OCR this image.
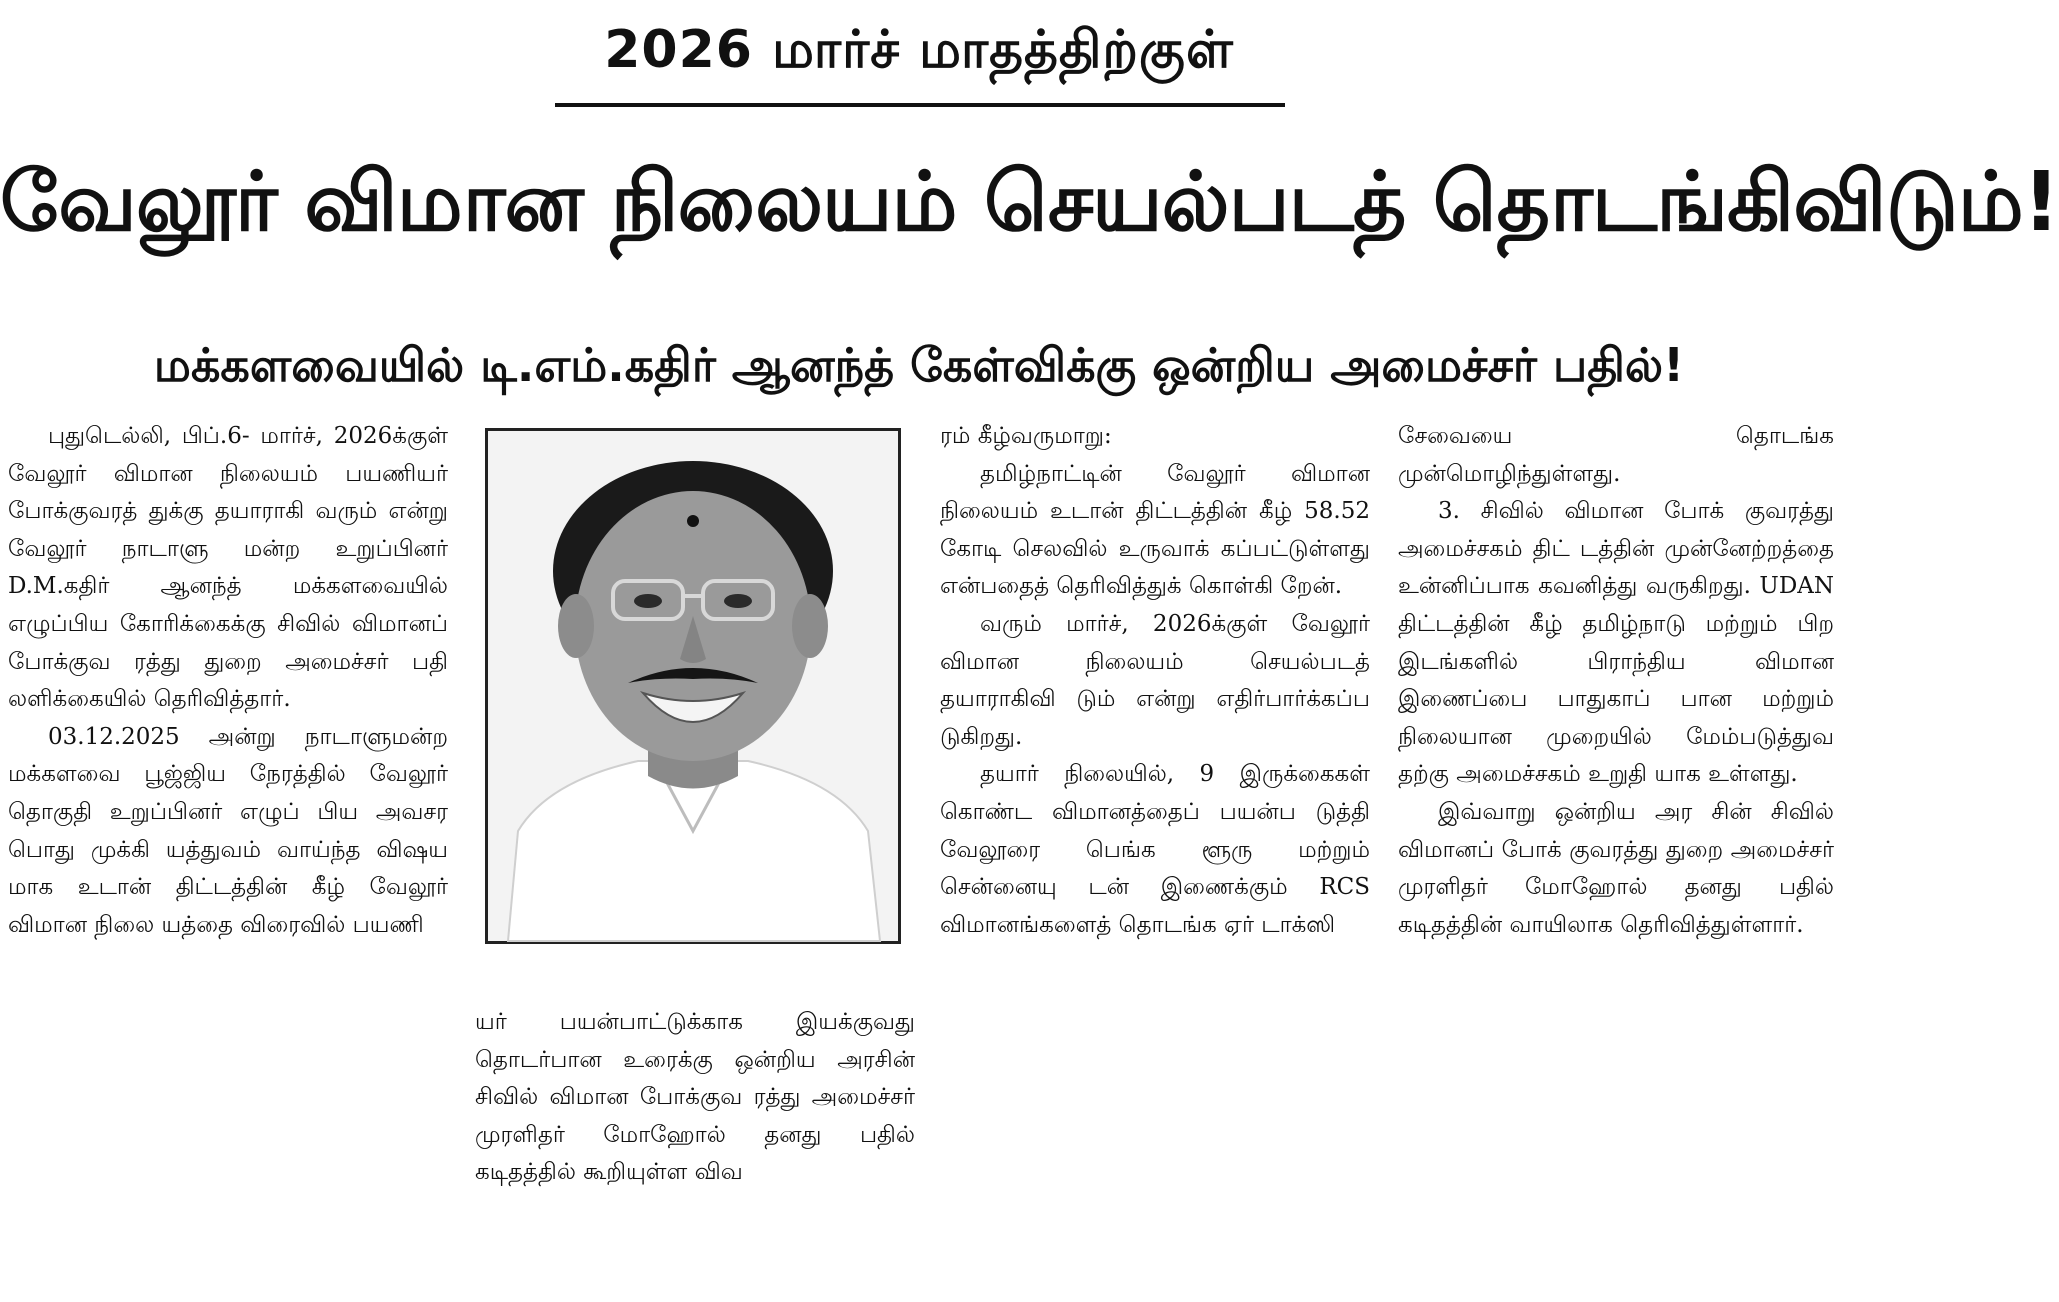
2026 மார்ச் மாதத்திற்குள்
வேலூர் விமான நிலையம் செயல்படத் தொடங்கிவிடும்!
மக்களவையில் டி.எம்.கதிர் ஆனந்த் கேள்விக்கு ஒன்றிய அமைச்சர் பதில்!

புதுடெல்லி, பிப்.6- மார்ச், 2026க்குள் வேலூர் விமான நிலையம் பயணியர் போக்குவரத் துக்கு தயாராகி வரும் என்று வேலூர் நாடாளு மன்ற உறுப்பினர் D.M.கதிர் ஆனந்த் மக்களவையில் எழுப்பிய கோரிக்கைக்கு சிவில் விமானப் போக்குவ ரத்து துறை அமைச்சர் பதி லளிக்கையில் தெரிவித்தார்.

03.12.2025 அன்று நாடாளுமன்ற மக்களவை பூஜ்ஜிய நேரத்தில் வேலூர் தொகுதி உறுப்பினர் எழுப் பிய அவசர பொது முக்கி யத்துவம் வாய்ந்த விஷய மாக உடான் திட்டத்தின் கீழ் வேலூர் விமான நிலை யத்தை விரைவில் பயணி

யர் பயன்பாட்டுக்காக இயக்குவது தொடர்பான உரைக்கு ஒன்றிய அரசின் சிவில் விமான போக்குவ ரத்து அமைச்சர் முரளிதர் மோஹோல் தனது பதில் கடிதத்தில் கூறியுள்ள விவ

ரம் கீழ்வருமாறு:

தமிழ்நாட்டின் வேலூர் விமான நிலையம் உடான் திட்டத்தின் கீழ் 58.52 கோடி செலவில் உருவாக் கப்பட்டுள்ளது என்பதைத் தெரிவித்துக் கொள்கி றேன்.

வரும் மார்ச், 2026க்குள் வேலூர் விமான நிலையம் செயல்படத் தயாராகிவி டும் என்று எதிர்பார்க்கப்ப டுகிறது.

தயார் நிலையில், 9 இருக்கைகள் கொண்ட விமானத்தைப் பயன்ப டுத்தி வேலூரை பெங்க ளூரு மற்றும் சென்னையு டன் இணைக்கும் RCS விமானங்களைத் தொடங்க ஏர் டாக்ஸி

சேவையை தொடங்க முன்மொழிந்துள்ளது.

3. சிவில் விமான போக் குவரத்து அமைச்சகம் திட் டத்தின் முன்னேற்றத்தை உன்னிப்பாக கவனித்து வருகிறது. UDAN திட்டத்தின் கீழ் தமிழ்நாடு மற்றும் பிற இடங்களில் பிராந்திய விமான இணைப்பை பாதுகாப் பான மற்றும் நிலையான முறையில் மேம்படுத்துவ தற்கு அமைச்சகம் உறுதி யாக உள்ளது.

இவ்வாறு ஒன்றிய அர சின் சிவில் விமானப் போக் குவரத்து துறை அமைச்சர் முரளிதர் மோஹோல் தனது பதில் கடிதத்தின் வாயிலாக தெரிவித்துள்ளார்.
